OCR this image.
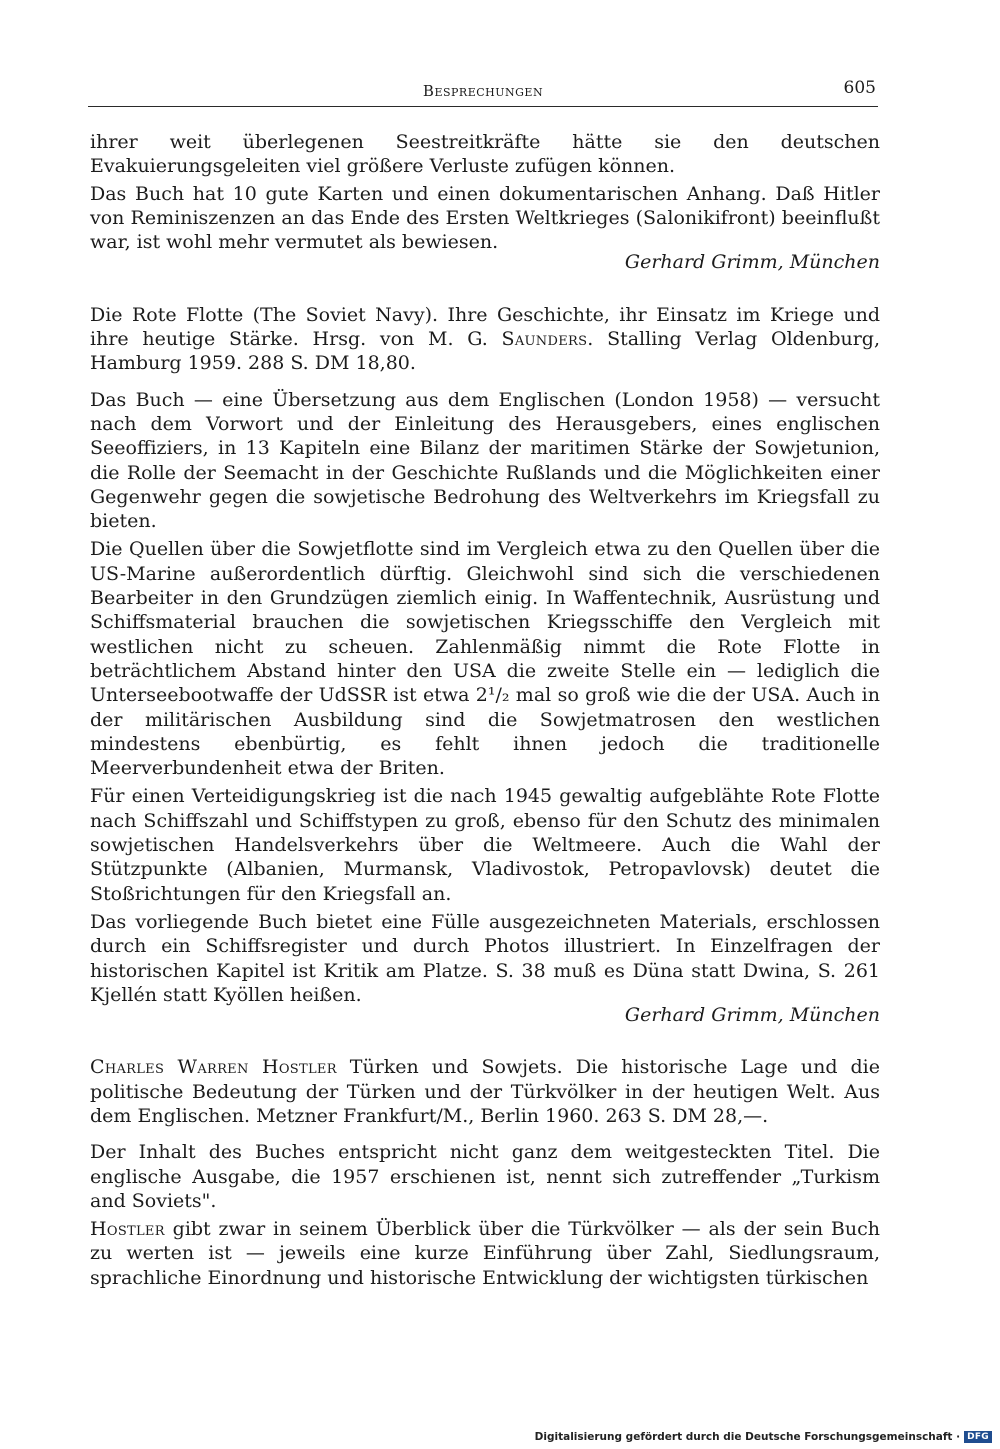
Besprechungen	605

ihrer weit überlegenen Seestreitkräfte hätte sie den deutschen Evakuierungsgeleiten viel größere Verluste zufügen können.

Das Buch hat 10 gute Karten und einen dokumentarischen Anhang. Daß Hitler von Reminiszenzen an das Ende des Ersten Weltkrieges (Salonikifront) beeinflußt war, ist wohl mehr vermutet als bewiesen.

Gerhard Grimm, München

Die Rote Flotte (The Soviet Navy). Ihre Geschichte, ihr Einsatz im Kriege und ihre heutige Stärke. Hrsg. von M. G. Saunders. Stalling Verlag Oldenburg, Hamburg 1959. 288 S. DM 18,80.

Das Buch — eine Übersetzung aus dem Englischen (London 1958) — versucht nach dem Vorwort und der Einleitung des Herausgebers, eines englischen Seeoffiziers, in 13 Kapiteln eine Bilanz der maritimen Stärke der Sowjetunion, die Rolle der Seemacht in der Geschichte Rußlands und die Möglichkeiten einer Gegenwehr gegen die sowjetische Bedrohung des Weltverkehrs im Kriegsfall zu bieten.

Die Quellen über die Sowjetflotte sind im Vergleich etwa zu den Quellen über die US-Marine außerordentlich dürftig. Gleichwohl sind sich die verschiedenen Bearbeiter in den Grundzügen ziemlich einig. In Waffentechnik, Ausrüstung und Schiffsmaterial brauchen die sowjetischen Kriegsschiffe den Vergleich mit westlichen nicht zu scheuen. Zahlenmäßig nimmt die Rote Flotte in beträchtlichem Abstand hinter den USA die zweite Stelle ein — lediglich die Unterseebootwaffe der UdSSR ist etwa 2¹/₂ mal so groß wie die der USA. Auch in der militärischen Ausbildung sind die Sowjetmatrosen den westlichen mindestens ebenbürtig, es fehlt ihnen jedoch die traditionelle Meerverbundenheit etwa der Briten.

Für einen Verteidigungskrieg ist die nach 1945 gewaltig aufgeblähte Rote Flotte nach Schiffszahl und Schiffstypen zu groß, ebenso für den Schutz des minimalen sowjetischen Handelsverkehrs über die Weltmeere. Auch die Wahl der Stützpunkte (Albanien, Murmansk, Vladivostok, Petropavlovsk) deutet die Stoßrichtungen für den Kriegsfall an.

Das vorliegende Buch bietet eine Fülle ausgezeichneten Materials, erschlossen durch ein Schiffsregister und durch Photos illustriert. In Einzelfragen der historischen Kapitel ist Kritik am Platze. S. 38 muß es Düna statt Dwina, S. 261 Kjellén statt Kyöllen heißen.

Gerhard Grimm, München

Charles Warren Hostler Türken und Sowjets. Die historische Lage und die politische Bedeutung der Türken und der Türkvölker in der heutigen Welt. Aus dem Englischen. Metzner Frankfurt/M., Berlin 1960. 263 S. DM 28,—.

Der Inhalt des Buches entspricht nicht ganz dem weitgesteckten Titel. Die englische Ausgabe, die 1957 erschienen ist, nennt sich zutreffender „Turkism and Soviets".

Hostler gibt zwar in seinem Überblick über die Türkvölker — als der sein Buch zu werten ist — jeweils eine kurze Einführung über Zahl, Siedlungsraum, sprachliche Einordnung und historische Entwicklung der wichtigsten türkischen

Digitalisierung gefördert durch die Deutsche Forschungsgemeinschaft · DFG
